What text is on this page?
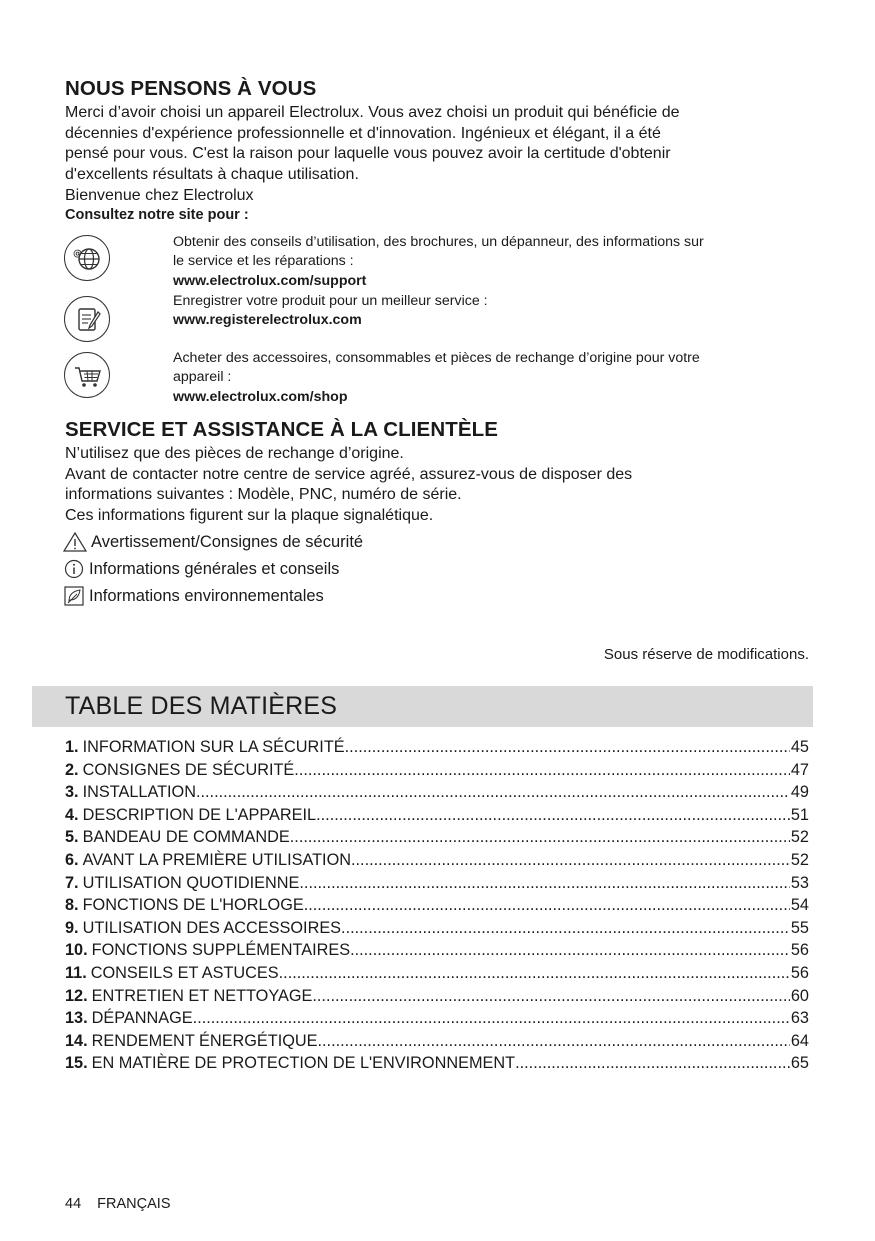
NOUS PENSONS À VOUS
Merci d’avoir choisi un appareil Electrolux. Vous avez choisi un produit qui bénéficie de
décennies d'expérience professionnelle et d'innovation. Ingénieux et élégant, il a été
pensé pour vous. C'est la raison pour laquelle vous pouvez avoir la certitude d'obtenir
d'excellents résultats à chaque utilisation.
Bienvenue chez Electrolux
Consultez notre site pour :
@
Obtenir des conseils d’utilisation, des brochures, un dépanneur, des informations sur
le service et les réparations :
www.electrolux.com/support
Enregistrer votre produit pour un meilleur service :
www.registerelectrolux.com
Acheter des accessoires, consommables et pièces de rechange d’origine pour votre
appareil :
www.electrolux.com/shop
SERVICE ET ASSISTANCE À LA CLIENTÈLE
N’utilisez que des pièces de rechange d’origine.
Avant de contacter notre centre de service agréé, assurez-vous de disposer des
informations suivantes : Modèle, PNC, numéro de série.
Ces informations figurent sur la plaque signalétique.
Avertissement/Consignes de sécurité
Informations générales et conseils
Informations environnementales
Sous réserve de modifications.
TABLE DES MATIÈRES
1. INFORMATION SUR LA SÉCURITÉ .....	45
2. CONSIGNES DE SÉCURITÉ .....	47
3. INSTALLATION .....	49
4. DESCRIPTION DE L'APPAREIL .....	51
5. BANDEAU DE COMMANDE .....	52
6. AVANT LA PREMIÈRE UTILISATION .....	52
7. UTILISATION QUOTIDIENNE .....	53
8. FONCTIONS DE L'HORLOGE .....	54
9. UTILISATION DES ACCESSOIRES .....	55
10. FONCTIONS SUPPLÉMENTAIRES .....	56
11. CONSEILS ET ASTUCES .....	56
12. ENTRETIEN ET NETTOYAGE .....	60
13. DÉPANNAGE .....	63
14. RENDEMENT ÉNERGÉTIQUE .....	64
15. EN MATIÈRE DE PROTECTION DE L'ENVIRONNEMENT .....	65
44 FRANÇAIS
